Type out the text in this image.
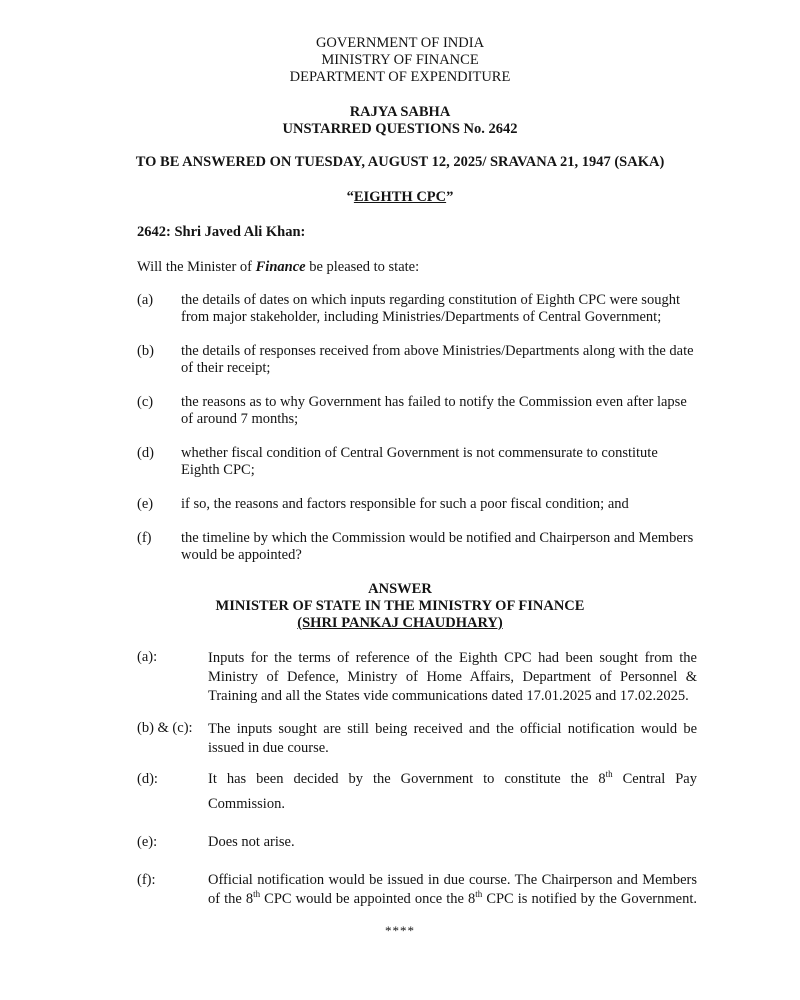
GOVERNMENT OF INDIA
MINISTRY OF FINANCE
DEPARTMENT OF EXPENDITURE
RAJYA SABHA
UNSTARRED QUESTIONS No. 2642
TO BE ANSWERED ON TUESDAY, AUGUST 12, 2025/ SRAVANA 21, 1947 (SAKA)
“EIGHTH CPC”
2642: Shri Javed Ali Khan:
Will the Minister of Finance be pleased to state:
(a) the details of dates on which inputs regarding constitution of Eighth CPC were sought from major stakeholder, including Ministries/Departments of Central Government;
(b) the details of responses received from above Ministries/Departments along with the date of their receipt;
(c) the reasons as to why Government has failed to notify the Commission even after lapse of around 7 months;
(d) whether fiscal condition of Central Government is not commensurate to constitute Eighth CPC;
(e) if so, the reasons and factors responsible for such a poor fiscal condition; and
(f) the timeline by which the Commission would be notified and Chairperson and Members would be appointed?
ANSWER
MINISTER OF STATE IN THE MINISTRY OF FINANCE
(SHRI PANKAJ CHAUDHARY)
(a):	Inputs for the terms of reference of the Eighth CPC had been sought from the Ministry of Defence, Ministry of Home Affairs, Department of Personnel & Training and all the States vide communications dated 17.01.2025 and 17.02.2025.
(b) & (c): The inputs sought are still being received and the official notification would be issued in due course.
(d):	It has been decided by the Government to constitute the 8th Central Pay
Commission.
(e):	Does not arise.
(f):	Official notification would be issued in due course. The Chairperson and Members
of the 8th CPC would be appointed once the 8th CPC is notified by the Government.
****
